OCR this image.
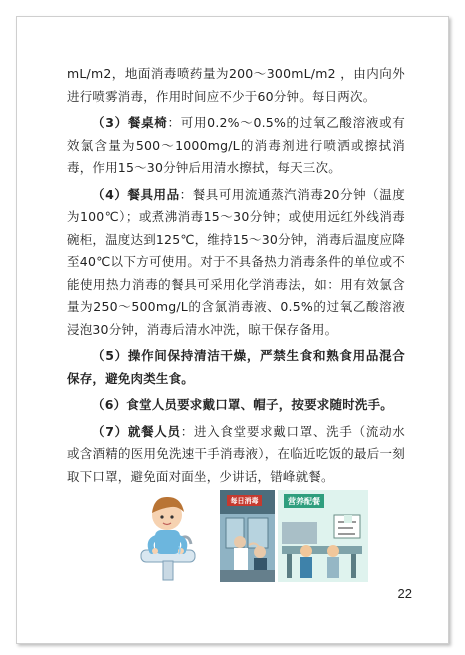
mL/m2，地面消毒喷药量为200～300mL/m2 ，由内向外进行喷雾消毒，作用时间应不少于60分钟。每日两次。

（3）餐桌椅：可用0.2%～0.5%的过氧乙酸溶液或有效氯含量为500～1000mg/L的消毒剂进行喷洒或擦拭消毒，作用15～30分钟后用清水擦拭，每天三次。

（4）餐具用品：餐具可用流通蒸汽消毒20分钟（温度为100℃）；或煮沸消毒15～30分钟；或使用远红外线消毒碗柜，温度达到125℃，维持15～30分钟，消毒后温度应降至40℃以下方可使用。对于不具备热力消毒条件的单位或不能使用热力消毒的餐具可采用化学消毒法，如：用有效氯含量为250～500mg/L的含氯消毒液、0.5%的过氧乙酸溶液浸泡30分钟，消毒后清水冲洗，晾干保存备用。

（5）操作间保持清洁干燥，严禁生食和熟食用品混合保存，避免肉类生食。

（6）食堂人员要求戴口罩、帽子，按要求随时洗手。

（7）就餐人员：进入食堂要求戴口罩、洗手（流动水或含酒精的医用免洗速干手消毒液），在临近吃饭的最后一刻取下口罩，避免面对面坐，少讲话，错峰就餐。

每日消毒	营养配餐
22
